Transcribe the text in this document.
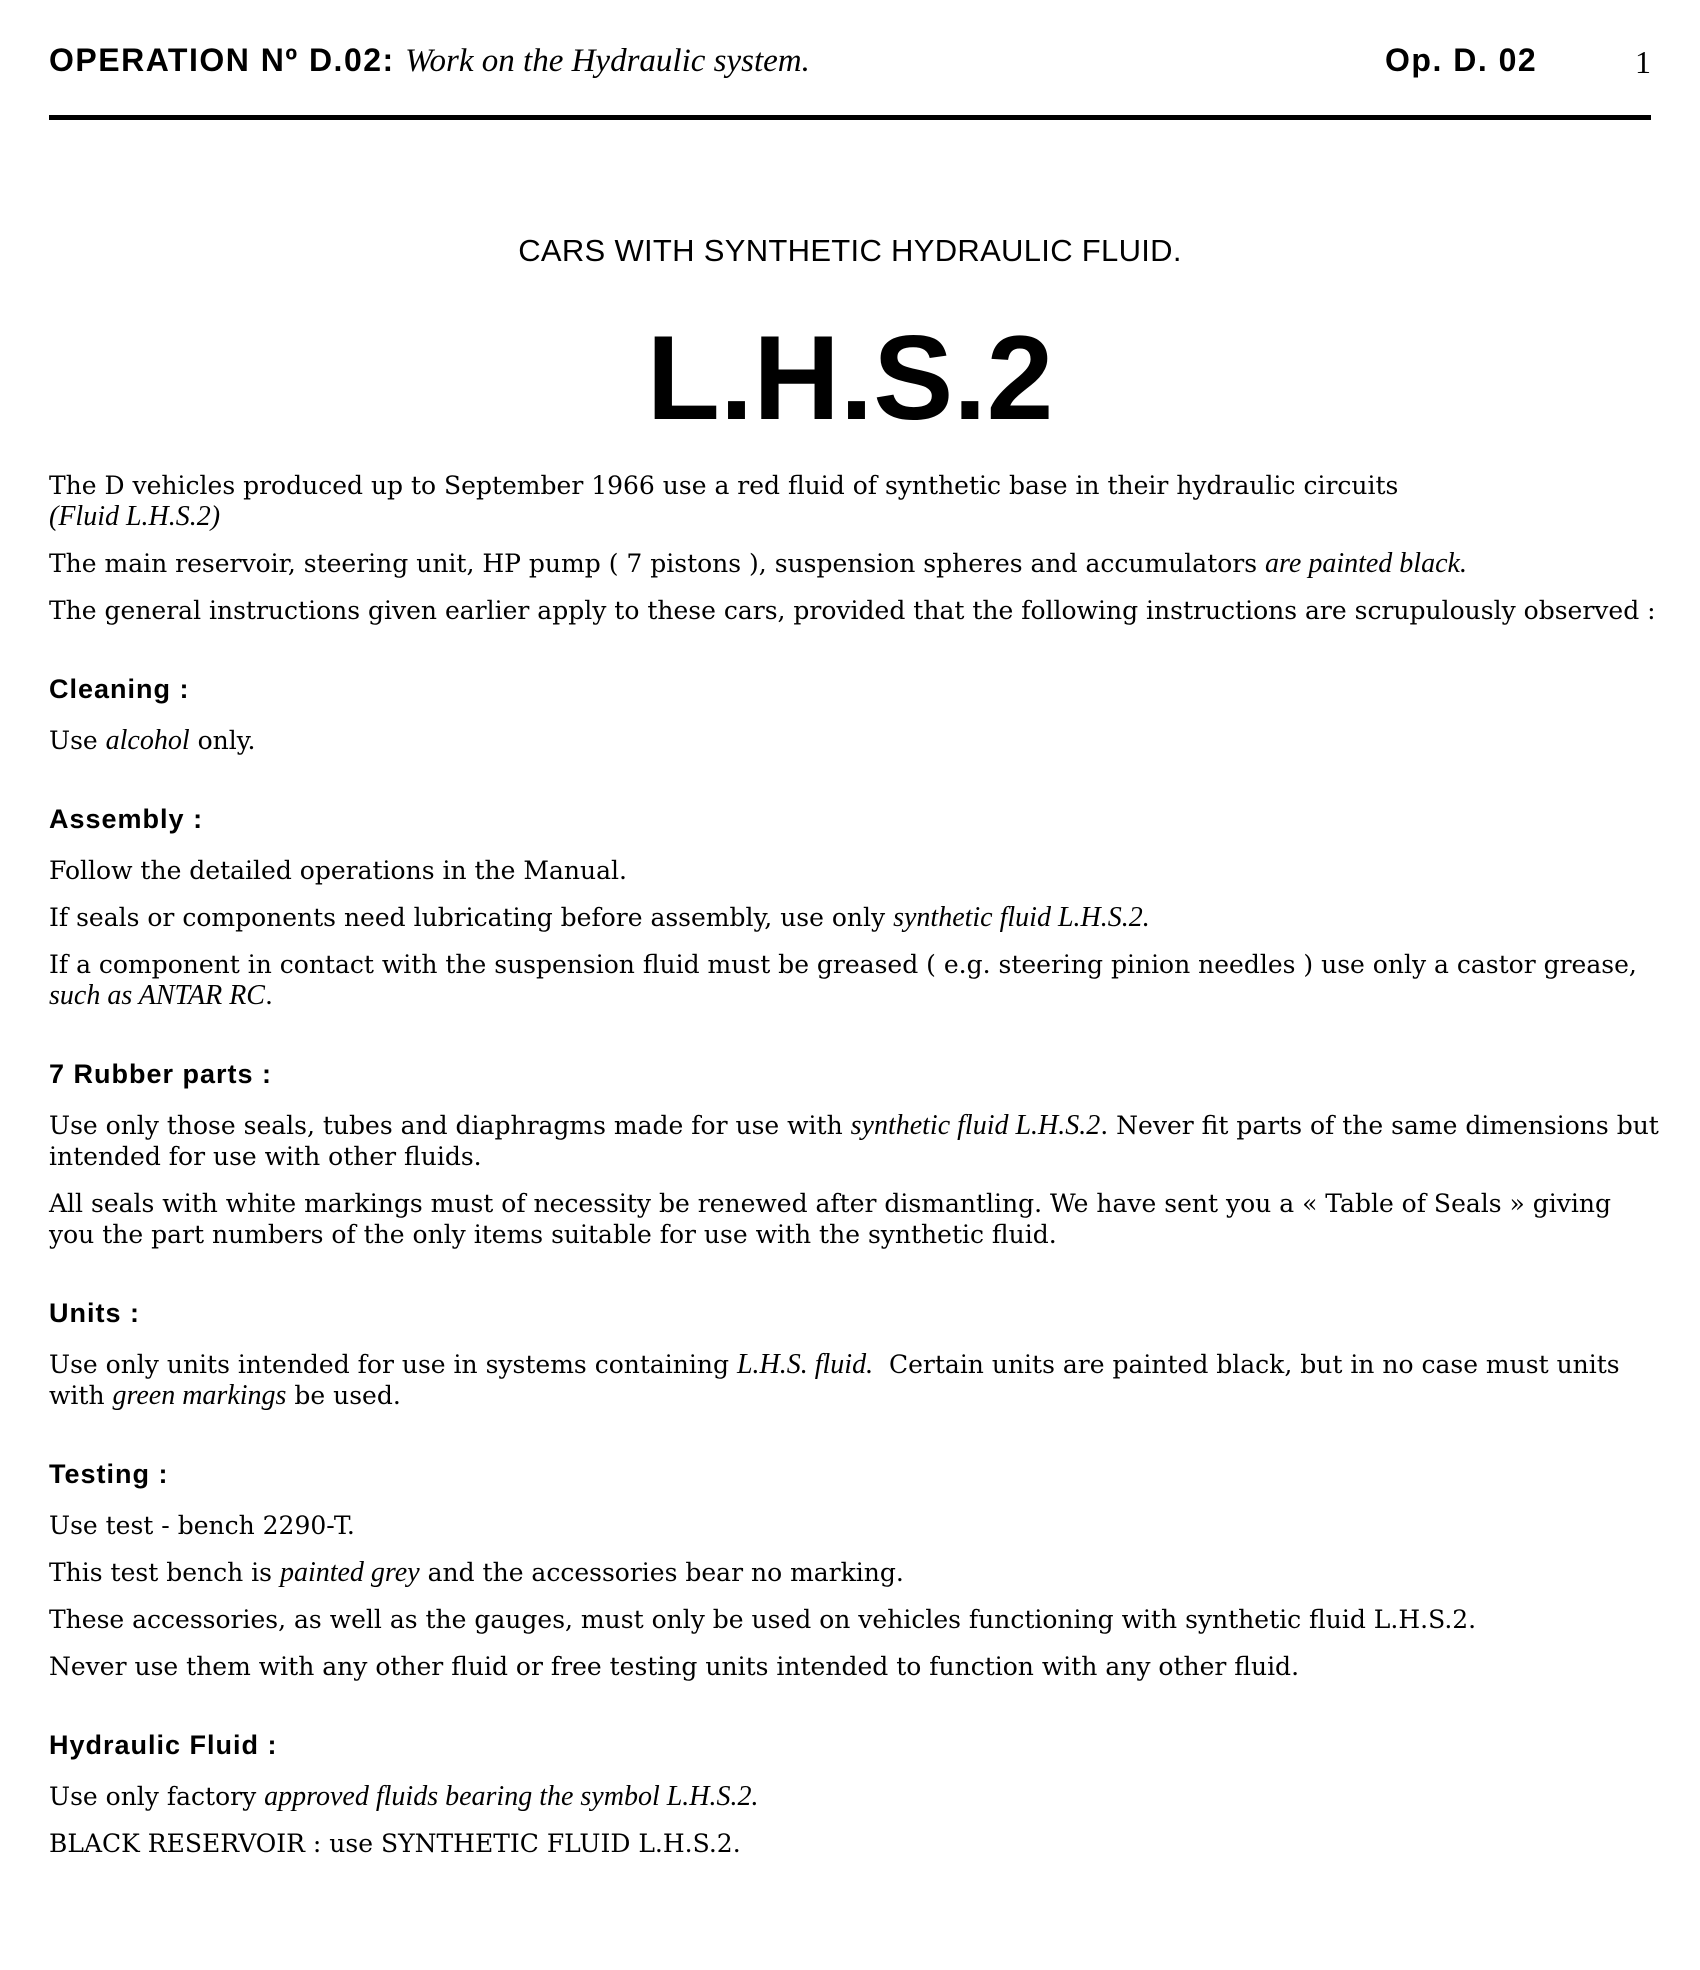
OPERATION Nº D.02: Work on the Hydraulic system.	Op. D. 02	1
CARS WITH SYNTHETIC HYDRAULIC FLUID.
L.H.S.2

The D vehicles produced up to September 1966 use a red fluid of synthetic base in their hydraulic circuits
(Fluid L.H.S.2)

The main reservoir, steering unit, HP pump ( 7 pistons ), suspension spheres and accumulators are painted black.

The general instructions given earlier apply to these cars, provided that the following instructions are scrupulously observed :

Cleaning :

Use alcohol only.

Assembly :

Follow the detailed operations in the Manual.

If seals or components need lubricating before assembly, use only synthetic fluid L.H.S.2.

If a component in contact with the suspension fluid must be greased ( e.g. steering pinion needles ) use only a castor grease, such as ANTAR RC.

7 Rubber parts :

Use only those seals, tubes and diaphragms made for use with synthetic fluid L.H.S.2. Never fit parts of the same dimensions but intended for use with other fluids.

All seals with white markings must of necessity be renewed after dismantling. We have sent you a « Table of Seals » giving you the part numbers of the only items suitable for use with the synthetic fluid.

Units :

Use only units intended for use in systems containing L.H.S. fluid.  Certain units are painted black, but in no case must units with green markings be used.

Testing :

Use test - bench 2290-T.

This test bench is painted grey and the accessories bear no marking.

These accessories, as well as the gauges, must only be used on vehicles functioning with synthetic fluid L.H.S.2.

Never use them with any other fluid or free testing units intended to function with any other fluid.

Hydraulic Fluid :

Use only factory approved fluids bearing the symbol L.H.S.2.

BLACK RESERVOIR : use SYNTHETIC FLUID L.H.S.2.
